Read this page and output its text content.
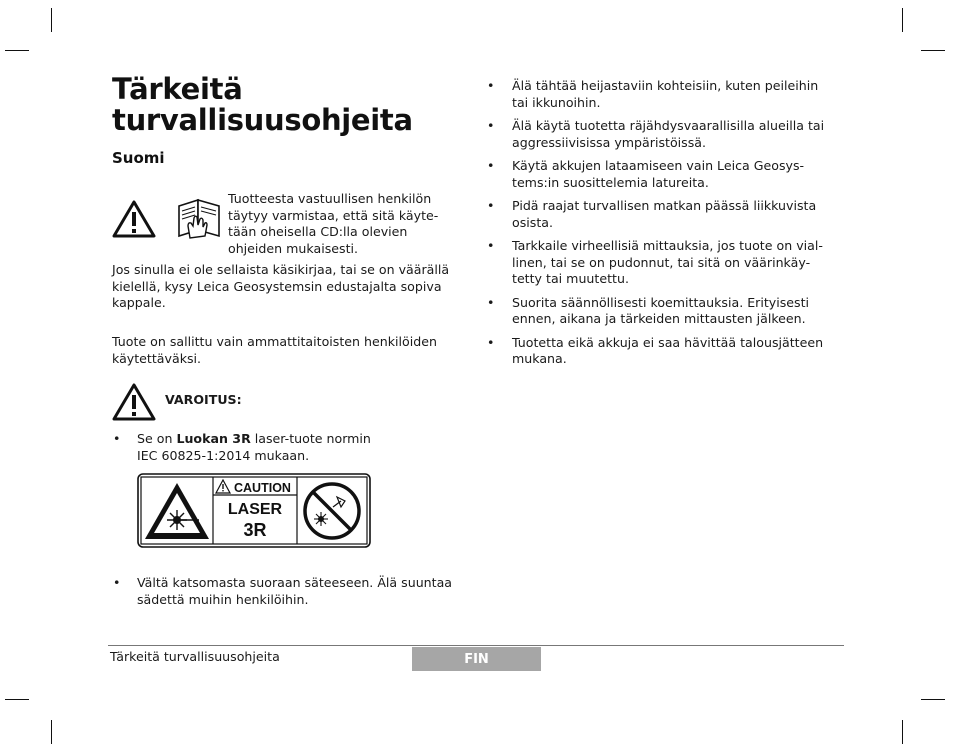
Tärkeitä
turvallisuusohjeita
Suomi
Tuotteesta vastuullisen henkilön
täytyy varmistaa, että sitä käyte-
tään oheisella CD:lla olevien
ohjeiden mukaisesti.
Jos sinulla ei ole sellaista käsikirjaa, tai se on väärällä
kielellä, kysy Leica Geosystemsin edustajalta sopiva
kappale.
Tuote on sallittu vain ammattitaitoisten henkilöiden
käytettäväksi.
VAROITUS:
• Se on Luokan 3R laser-tuote normin
IEC 60825-1:2014 mukaan.
CAUTION
LASER
3R
• Vältä katsomasta suoraan säteeseen. Älä suuntaa
sädettä muihin henkilöihin.
• Älä tähtää heijastaviin kohteisiin, kuten peileihin
tai ikkunoihin.
• Älä käytä tuotetta räjähdysvaarallisilla alueilla tai
aggressiivisissa ympäristöissä.
• Käytä akkujen lataamiseen vain Leica Geosys-
tems:in suosittelemia latureita.
• Pidä raajat turvallisen matkan päässä liikkuvista
osista.
• Tarkkaile virheellisiä mittauksia, jos tuote on vial-
linen, tai se on pudonnut, tai sitä on väärinkäy-
tetty tai muutettu.
• Suorita säännöllisesti koemittauksia. Erityisesti
ennen, aikana ja tärkeiden mittausten jälkeen.
• Tuotetta eikä akkuja ei saa hävittää talousjätteen
mukana.
Tärkeitä turvallisuusohjeita	FIN
